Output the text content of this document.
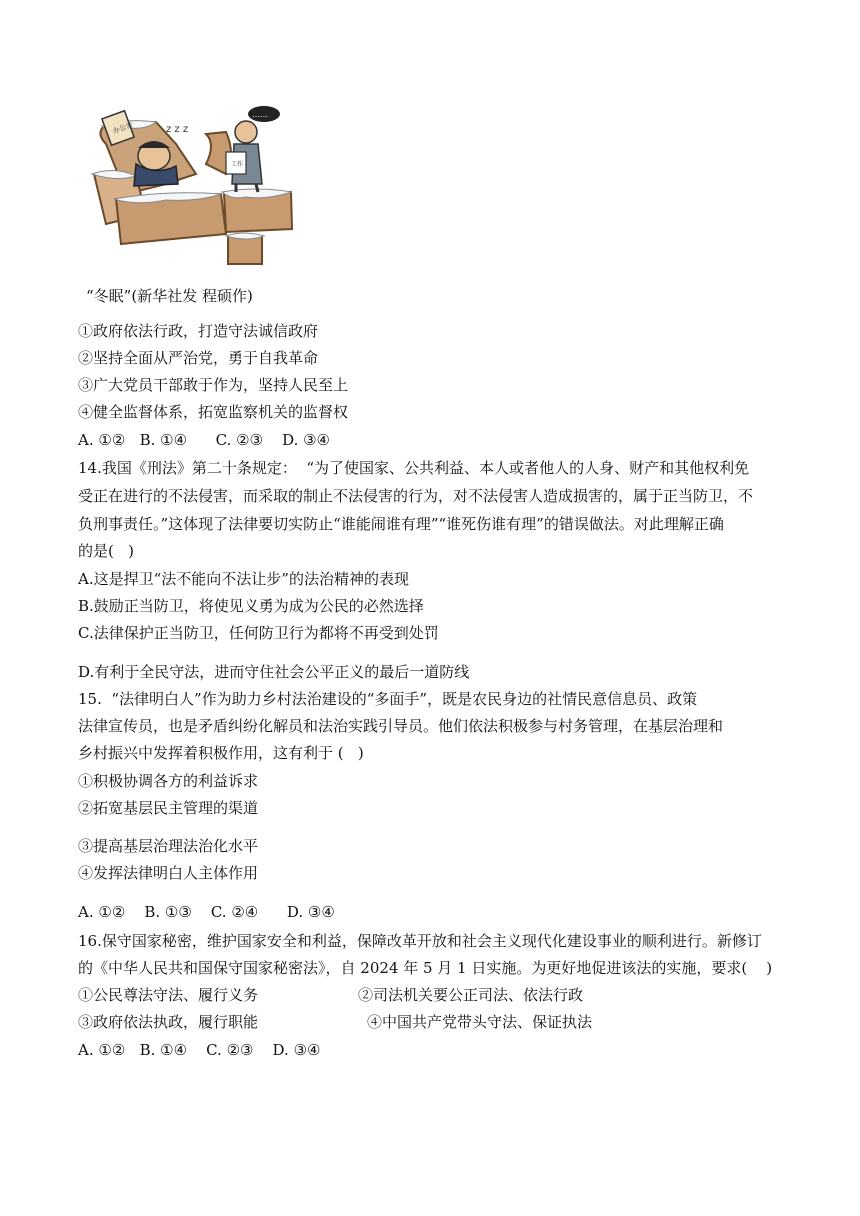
办公室	z z z
工作
……
“冬眠”(新华社发 程硕作)
①政府依法行政，打造守法诚信政府
②坚持全面从严治党，勇于自我革命
③广大党员干部敢于作为，坚持人民至上
④健全监督体系，拓宽监察机关的监督权
A. ①②   B. ①④      C. ②③    D. ③④
14.我国《刑法》第二十条规定：  “为了使国家、公共利益、本人或者他人的人身、财产和其他权利免
受正在进行的不法侵害，而采取的制止不法侵害的行为，对不法侵害人造成损害的，属于正当防卫，不
负刑事责任。”这体现了法律要切实防止“谁能闹谁有理”“谁死伤谁有理”的错误做法。对此理解正确
的是(   )
A.这是捍卫“法不能向不法让步”的法治精神的表现
B.鼓励正当防卫，将使见义勇为成为公民的必然选择
C.法律保护正当防卫，任何防卫行为都将不再受到处罚
D.有利于全民守法，进而守住社会公平正义的最后一道防线
15.  “法律明白人”作为助力乡村法治建设的“多面手”，既是农民身边的社情民意信息员、政策
法律宣传员，也是矛盾纠纷化解员和法治实践引导员。他们依法积极参与村务管理，在基层治理和
乡村振兴中发挥着积极作用，这有利于 (   )
①积极协调各方的利益诉求
②拓宽基层民主管理的渠道
③提高基层治理法治化水平
④发挥法律明白人主体作用
A. ①②    B. ①③    C. ②④      D. ③④
16.保守国家秘密，维护国家安全和利益，保障改革开放和社会主义现代化建设事业的顺利进行。新修订
的《中华人民共和国保守国家秘密法》，自 2024 年 5 月 1 日实施。为更好地促进该法的实施，要求(    )
①公民尊法守法、履行义务	②司法机关要公正司法、依法行政
③政府依法执政，履行职能	④中国共产党带头守法、保证执法
A. ①②   B. ①④    C. ②③    D. ③④
